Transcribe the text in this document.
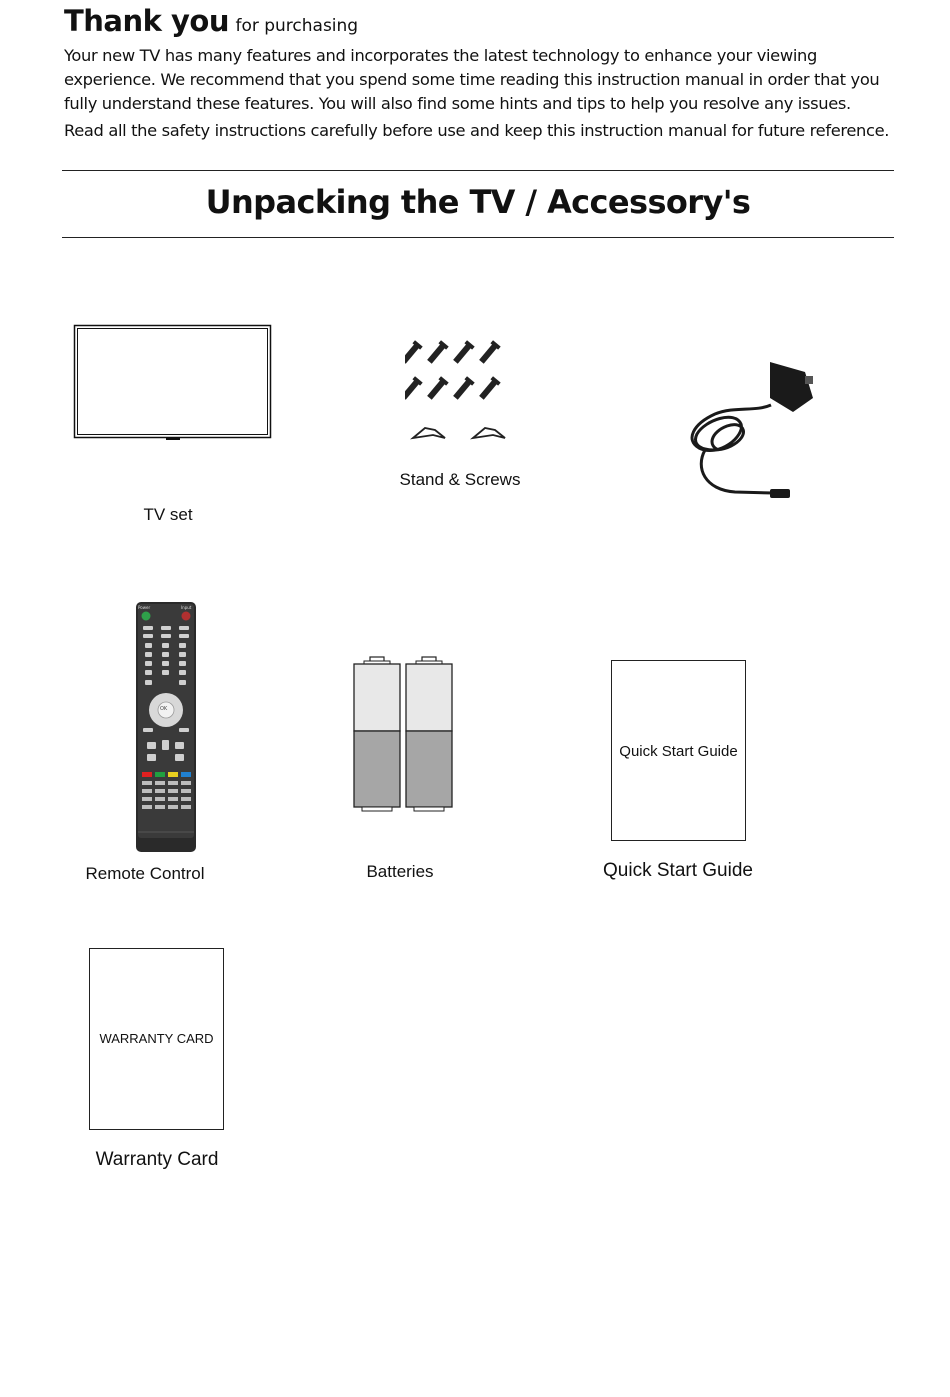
Thank you for purchasing
Your new TV has many features and incorporates the latest technology to enhance your viewing experience. We recommend that you spend some time reading this instruction manual in order that you fully understand these features. You will also find some hints and tips to help you resolve any issues.
Read all the safety instructions carefully before use and keep this instruction manual for future reference.
Unpacking the TV / Accessory's
TV set
Stand & Screws
Power	Input
OK
Remote Control	Batteries
Quick Start Guide
Quick Start Guide
WARRANTY CARD
Warranty Card
